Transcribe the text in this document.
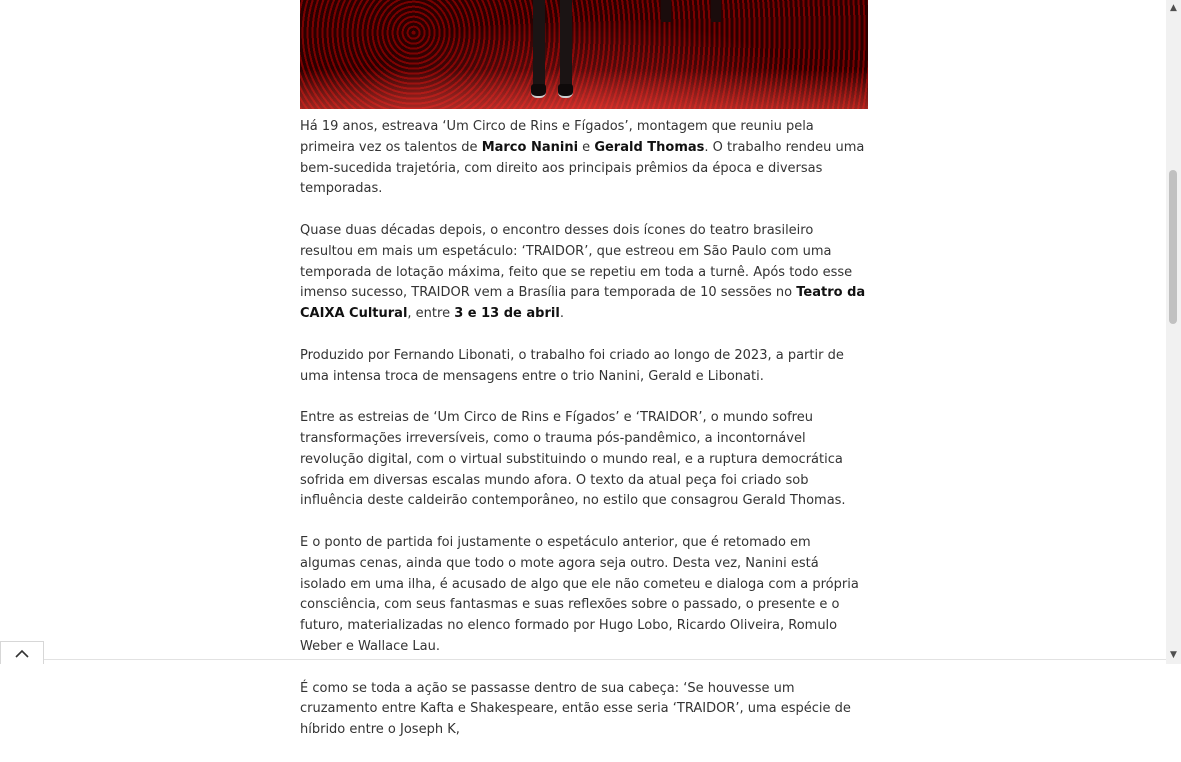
Há 19 anos, estreava ‘Um Circo de Rins e Fígados’, montagem que reuniu pela primeira vez os talentos de Marco Nanini e Gerald Thomas. O trabalho rendeu uma bem-sucedida trajetória, com direito aos principais prêmios da época e diversas temporadas.

Quase duas décadas depois, o encontro desses dois ícones do teatro brasileiro resultou em mais um espetáculo: ‘TRAIDOR’, que estreou em São Paulo com uma temporada de lotação máxima, feito que se repetiu em toda a turnê. Após todo esse imenso sucesso, TRAIDOR vem a Brasília para temporada de 10 sessões no Teatro da CAIXA Cultural, entre 3 e 13 de abril.

Produzido por Fernando Libonati, o trabalho foi criado ao longo de 2023, a partir de uma intensa troca de mensagens entre o trio Nanini, Gerald e Libonati.

Entre as estreias de ‘Um Circo de Rins e Fígados’ e ‘TRAIDOR’, o mundo sofreu transformações irreversíveis, como o trauma pós-pandêmico, a incontornável revolução digital, com o virtual substituindo o mundo real, e a ruptura democrática sofrida em diversas escalas mundo afora. O texto da atual peça foi criado sob influência deste caldeirão contemporâneo, no estilo que consagrou Gerald Thomas.

E o ponto de partida foi justamente o espetáculo anterior, que é retomado em algumas cenas, ainda que todo o mote agora seja outro. Desta vez, Nanini está isolado em uma ilha, é acusado de algo que ele não cometeu e dialoga com a própria consciência, com seus fantasmas e suas reflexões sobre o passado, o presente e o futuro, materializadas no elenco formado por Hugo Lobo, Ricardo Oliveira, Romulo Weber e Wallace Lau.

É como se toda a ação se passasse dentro de sua cabeça: ‘Se houvesse um cruzamento entre Kafta e Shakespeare, então esse seria ‘TRAIDOR’, uma espécie de híbrido entre o Joseph K,

▲
▼
